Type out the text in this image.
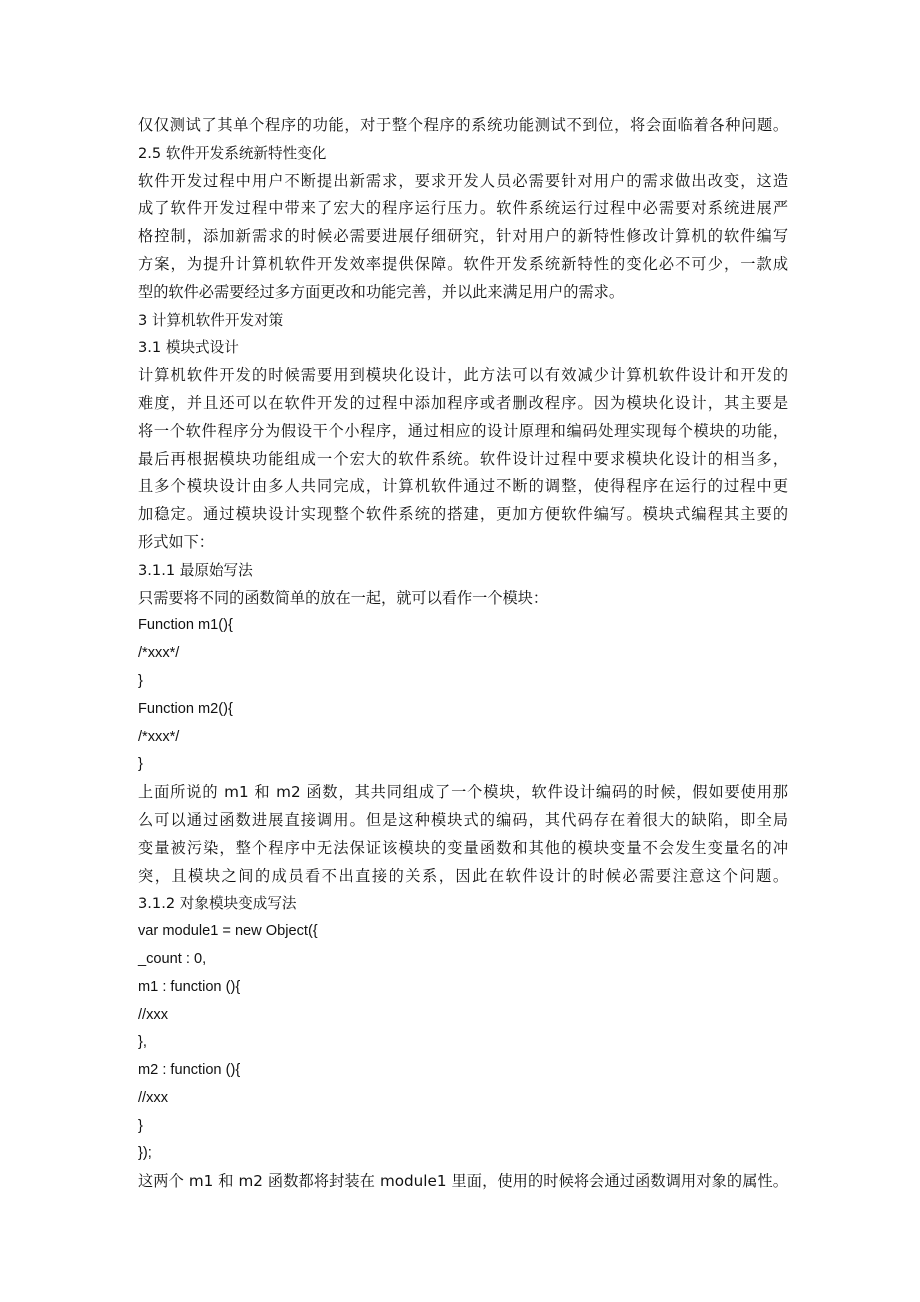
仅仅测试了其单个程序的功能，对于整个程序的系统功能测试不到位，将会面临着各种问题。
2.5 软件开发系统新特性变化
软件开发过程中用户不断提出新需求，要求开发人员必需要针对用户的需求做出改变，这造
成了软件开发过程中带来了宏大的程序运行压力。软件系统运行过程中必需要对系统进展严
格控制，添加新需求的时候必需要进展仔细研究，针对用户的新特性修改计算机的软件编写
方案，为提升计算机软件开发效率提供保障。软件开发系统新特性的变化必不可少，一款成
型的软件必需要经过多方面更改和功能完善，并以此来满足用户的需求。
3 计算机软件开发对策
3.1 模块式设计
计算机软件开发的时候需要用到模块化设计，此方法可以有效减少计算机软件设计和开发的
难度，并且还可以在软件开发的过程中添加程序或者删改程序。因为模块化设计，其主要是
将一个软件程序分为假设干个小程序，通过相应的设计原理和编码处理实现每个模块的功能，
最后再根据模块功能组成一个宏大的软件系统。软件设计过程中要求模块化设计的相当多，
且多个模块设计由多人共同完成，计算机软件通过不断的调整，使得程序在运行的过程中更
加稳定。通过模块设计实现整个软件系统的搭建，更加方便软件编写。模块式编程其主要的
形式如下：
3.1.1 最原始写法
只需要将不同的函数简单的放在一起，就可以看作一个模块：
Function m1(){
/*xxx*/
}
Function m2(){
/*xxx*/
}
上面所说的 m1 和 m2 函数，其共同组成了一个模块，软件设计编码的时候，假如要使用那
么可以通过函数进展直接调用。但是这种模块式的编码，其代码存在着很大的缺陷，即全局
变量被污染，整个程序中无法保证该模块的变量函数和其他的模块变量不会发生变量名的冲
突，且模块之间的成员看不出直接的关系，因此在软件设计的时候必需要注意这个问题。
3.1.2 对象模块变成写法
var module1 = new Object({
_count : 0,
m1 : function (){
//xxx
},
m2 : function (){
//xxx
}
});
这两个 m1 和 m2 函数都将封装在 module1 里面，使用的时候将会通过函数调用对象的属性。
